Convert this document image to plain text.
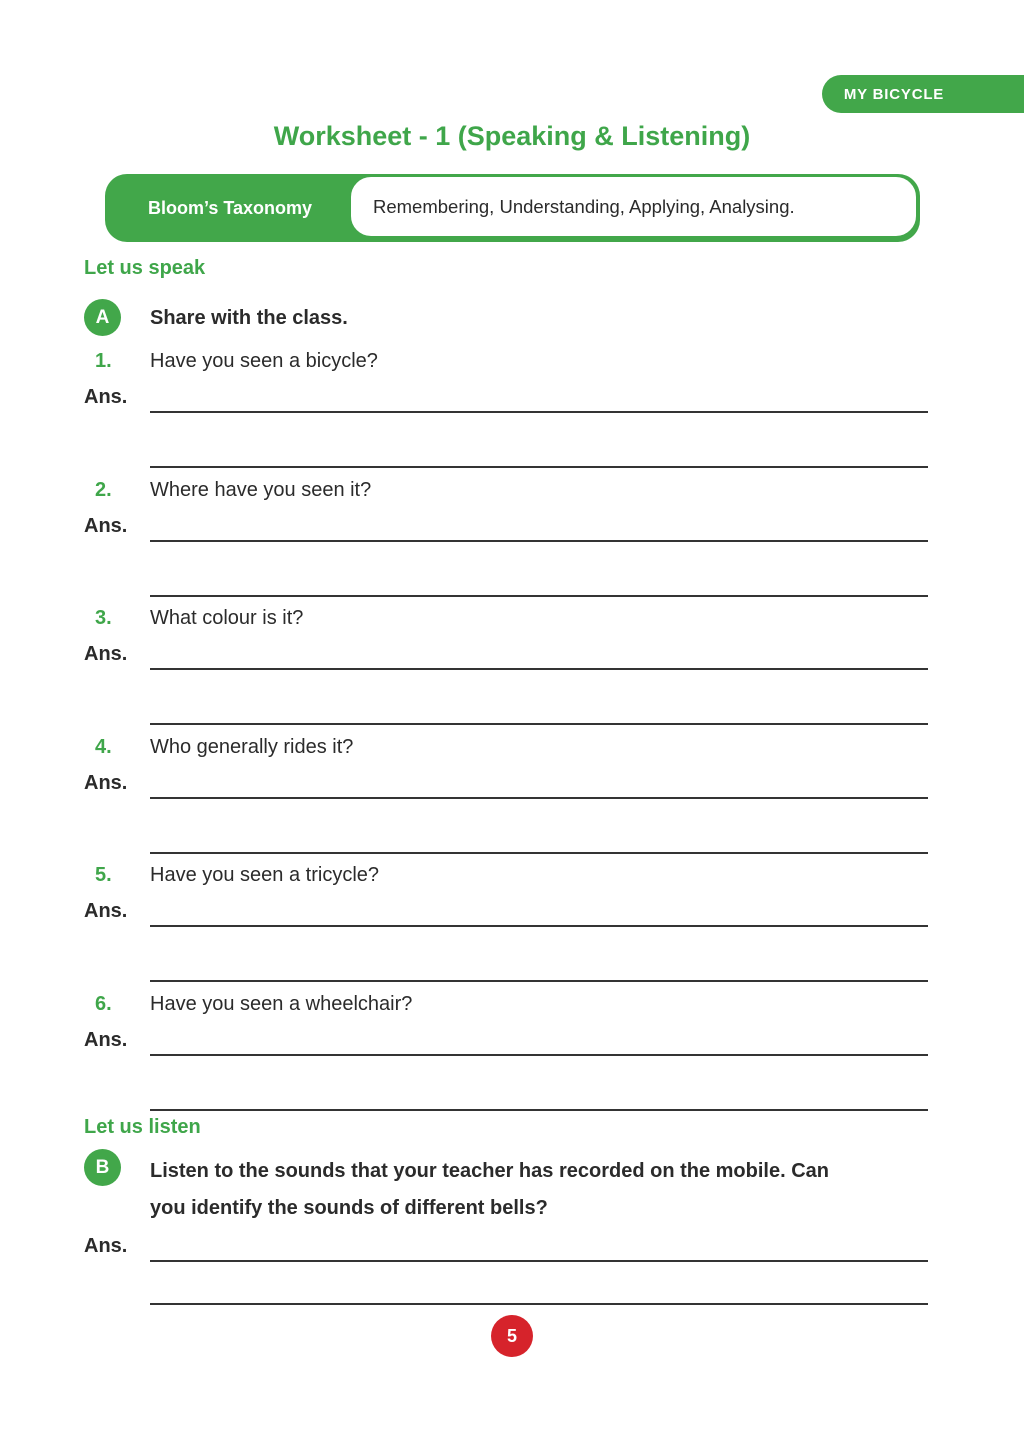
MY BICYCLE
Worksheet - 1 (Speaking & Listening)
Bloom’s Taxonomy	Remembering, Understanding, Applying, Analysing.
Let us speak
A	Share with the class.
1. Have you seen a bicycle?
Ans.
2. Where have you seen it?
Ans.
3. What colour is it?
Ans.
4. Who generally rides it?
Ans.
5. Have you seen a tricycle?
Ans.
6. Have you seen a wheelchair?
Ans.
Let us listen
B	Listen to the sounds that your teacher has recorded on the mobile. Can
you identify the sounds of different bells?
Ans.
5
